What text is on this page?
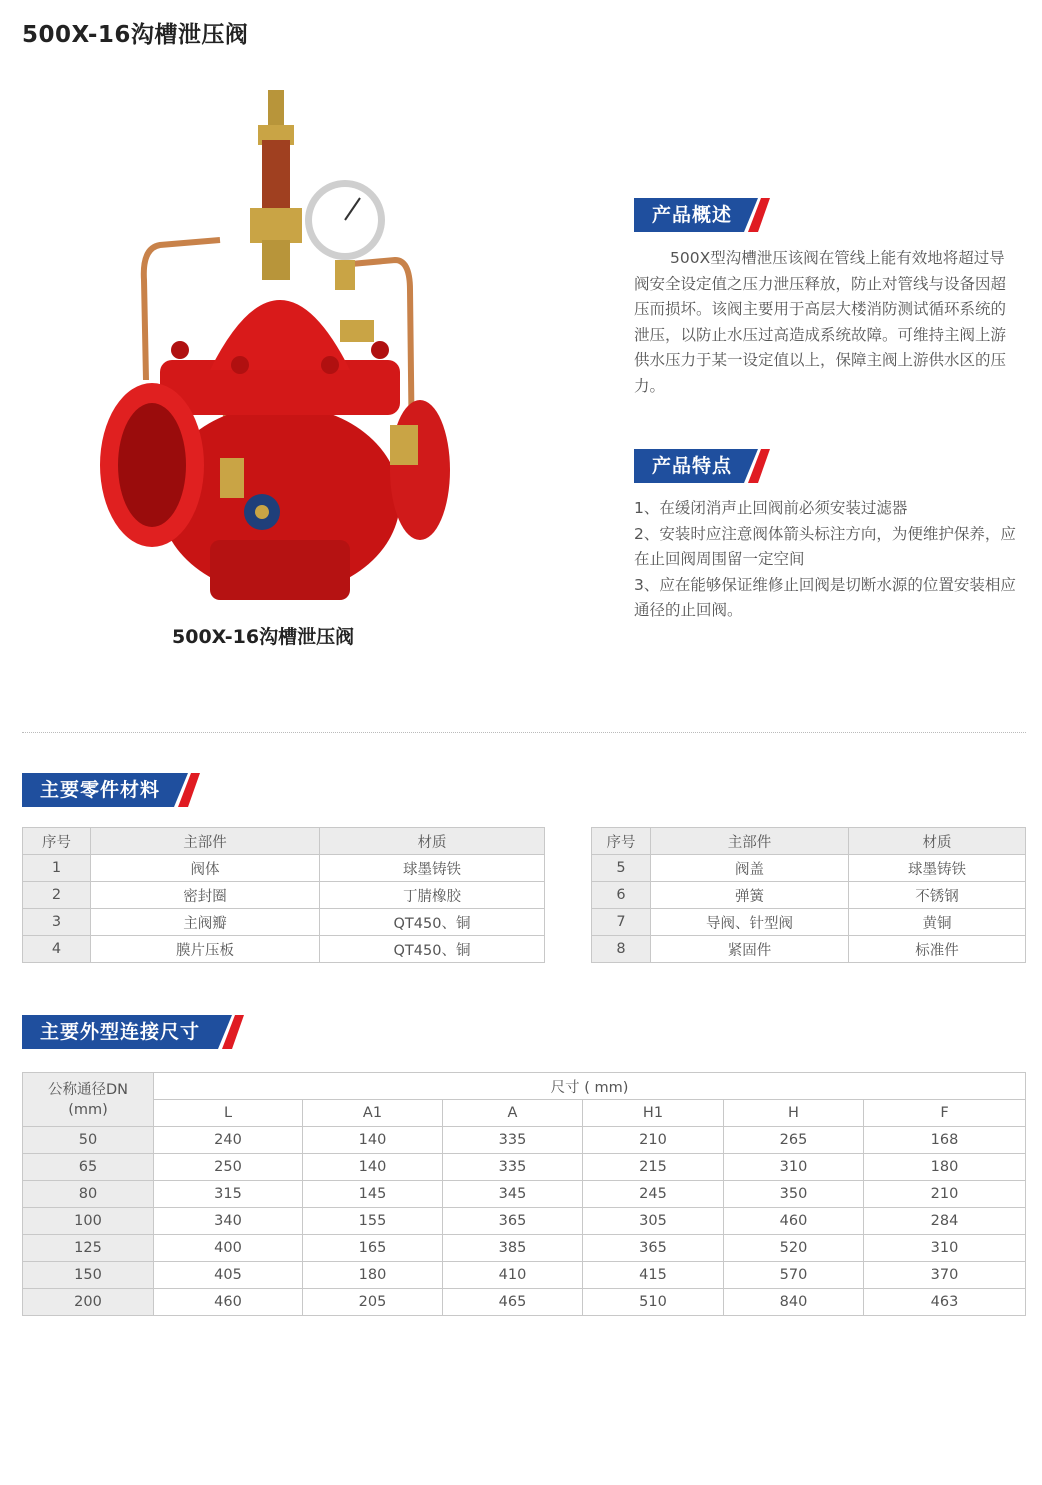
500X-16沟槽泄压阀
500X-16沟槽泄压阀
产品概述
500X型沟槽泄压该阀在管线上能有效地将超过导阀安全设定值之压力泄压释放，防止对管线与设备因超压而损坏。该阀主要用于高层大楼消防测试循环系统的泄压，以防止水压过高造成系统故障。可维持主阀上游供水压力于某一设定值以上，保障主阀上游供水区的压力。
产品特点
1、在缓闭消声止回阀前必须安装过滤器
2、安装时应注意阀体箭头标注方向，为便维护保养，应在止回阀周围留一定空间
3、应在能够保证维修止回阀是切断水源的位置安装相应通径的止回阀。
主要零件材料
序号	主部件	材质
1	阀体	球墨铸铁
2	密封圈	丁腈橡胶
3	主阀瓣	QT450、铜
4	膜片压板	QT450、铜
序号	主部件	材质
5	阀盖	球墨铸铁
6	弹簧	不锈钢
7	导阀、针型阀	黄铜
8	紧固件	标准件
主要外型连接尺寸
公称通径DN
(mm)	尺寸 ( mm)					
	L	A1	A	H1	H	F
50	240	140	335	210	265	168
65	250	140	335	215	310	180
80	315	145	345	245	350	210
100	340	155	365	305	460	284
125	400	165	385	365	520	310
150	405	180	410	415	570	370
200	460	205	465	510	840	463
